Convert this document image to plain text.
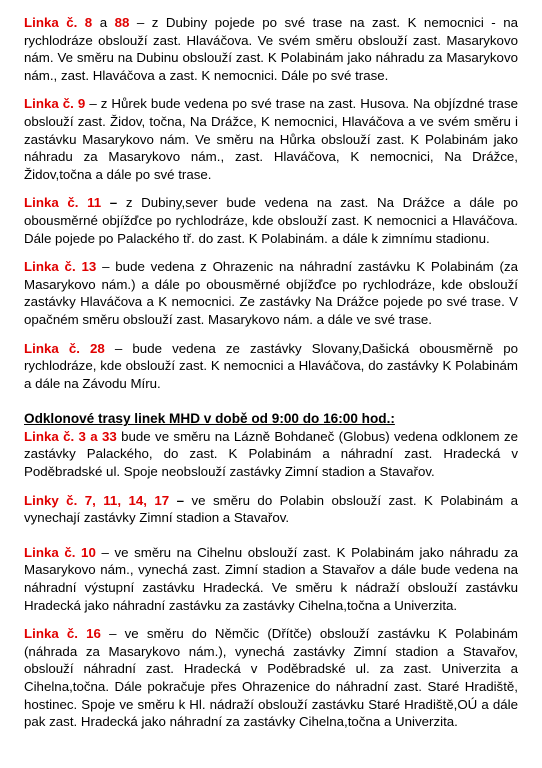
Linka č. 8 a 88 – z Dubiny pojede po své trase na zast. K nemocnici - na rychlodráze obslouží zast. Hlaváčova. Ve svém směru obslouží zast. Masarykovo nám. Ve směru na Dubinu obslouží zast. K Polabinám jako náhradu za Masarykovo nám., zast. Hlaváčova a zast. K nemocnici. Dále po své trase.

Linka č. 9 – z Hůrek bude vedena po své trase na zast. Husova. Na objízdné trase obslouží zast. Židov, točna, Na Drážce, K nemocnici, Hlaváčova a ve svém směru i zastávku Masarykovo nám. Ve směru na Hůrka obslouží zast. K Polabinám jako náhradu za Masarykovo nám., zast. Hlaváčova, K nemocnici, Na Drážce, Židov,točna a dále po své trase.

Linka č. 11 – z Dubiny,sever bude vedena na zast. Na Drážce a dále po obousměrné objížďce po rychlodráze, kde obslouží zast. K nemocnici a Hlaváčova. Dále pojede po Palackého tř. do zast. K Polabinám. a dále k zimnímu stadionu.

Linka č. 13 – bude vedena z Ohrazenic na náhradní zastávku K Polabinám (za Masarykovo nám.) a dále po obousměrné objížďce po rychlodráze, kde obslouží zastávky Hlaváčova a K nemocnici. Ze zastávky Na Drážce pojede po své trase. V opačném směru obslouží zast. Masarykovo nám. a dále ve své trase.

Linka č. 28 – bude vedena ze zastávky Slovany,Dašická obousměrně po rychlodráze, kde obslouží zast. K nemocnici a Hlaváčova, do zastávky K Polabinám a dále na Závodu Míru.

Odklonové trasy linek MHD v době od 9:00 do 16:00 hod.:

Linka č. 3 a 33 bude ve směru na Lázně Bohdaneč (Globus) vedena odklonem ze zastávky Palackého, do zast. K Polabinám a náhradní zast. Hradecká v Poděbradské ul. Spoje neobslouží zastávky Zimní stadion a Stavařov.

Linky č. 7, 11, 14, 17 – ve směru do Polabin obslouží zast. K Polabinám a vynechají zastávky Zimní stadion a Stavařov.

Linka č. 10 – ve směru na Cihelnu obslouží zast. K Polabinám jako náhradu za Masarykovo nám., vynechá zast. Zimní stadion a Stavařov a dále bude vedena na náhradní výstupní zastávku Hradecká. Ve směru k nádraží obslouží zastávku Hradecká jako náhradní zastávku za zastávky Cihelna,točna a Univerzita.

Linka č. 16 – ve směru do Němčic (Dřítče) obslouží zastávku K Polabinám (náhrada za Masarykovo nám.), vynechá zastávky Zimní stadion a Stavařov, obslouží náhradní zast. Hradecká v Poděbradské ul. za zast. Univerzita a Cihelna,točna. Dále pokračuje přes Ohrazenice do náhradní zast. Staré Hradiště, hostinec. Spoje ve směru k Hl. nádraží obslouží zastávku Staré Hradiště,OÚ a dále pak zast. Hradecká jako náhradní za zastávky Cihelna,točna a Univerzita.
